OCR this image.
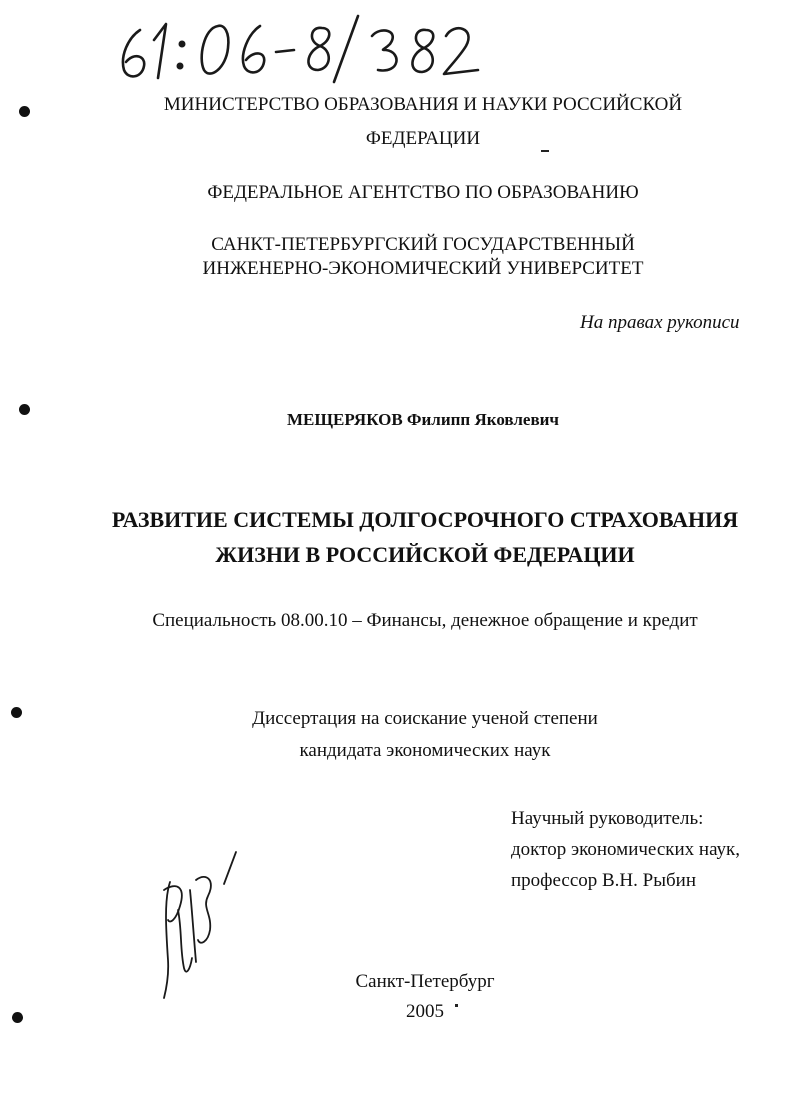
МИНИСТЕРСТВО ОБРАЗОВАНИЯ И НАУКИ РОССИЙСКОЙ
ФЕДЕРАЦИИ
ФЕДЕРАЛЬНОЕ АГЕНТСТВО ПО ОБРАЗОВАНИЮ
САНКТ-ПЕТЕРБУРГСКИЙ ГОСУДАРСТВЕННЫЙ
ИНЖЕНЕРНО-ЭКОНОМИЧЕСКИЙ УНИВЕРСИТЕТ
На правах рукописи
МЕЩЕРЯКОВ Филипп Яковлевич
РАЗВИТИЕ СИСТЕМЫ ДОЛГОСРОЧНОГО СТРАХОВАНИЯ
ЖИЗНИ В РОССИЙСКОЙ ФЕДЕРАЦИИ
Специальность 08.00.10 – Финансы, денежное обращение и кредит
Диссертация на соискание ученой степени
кандидата экономических наук
Научный руководитель:
доктор экономических наук,
профессор В.Н. Рыбин
Санкт-Петербург
2005
